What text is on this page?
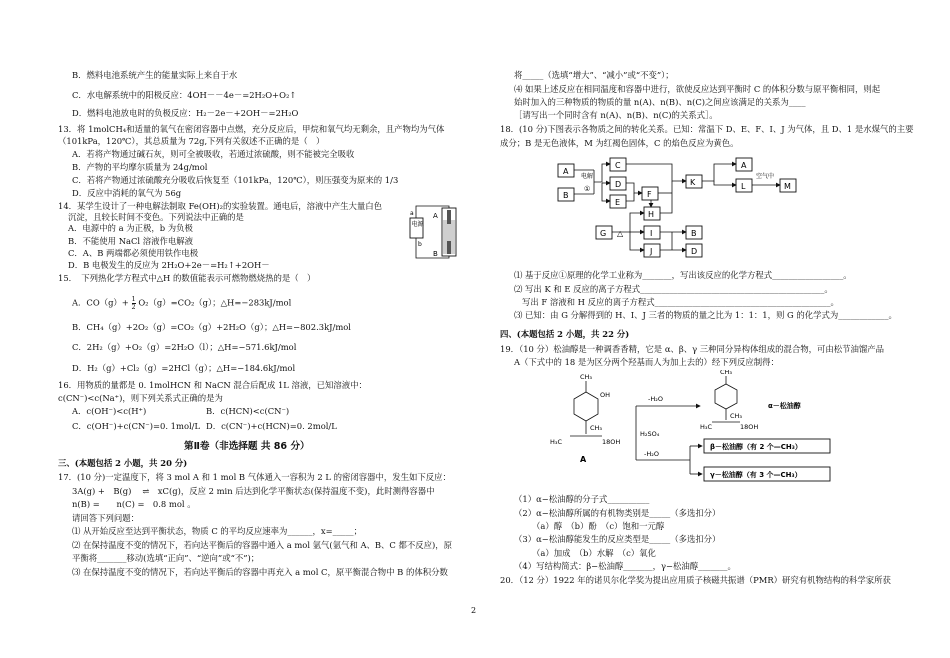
B．燃料电池系统产生的能量实际上来自于水
C．水电解系统中的阳极反应：4OH－－4e－=2H₂O+O₂↑
D．燃料电池放电时的负极反应：H₂－2e－+2OH－=2H₂O
13．将 1molCH₄和适量的氧气在密闭容器中点燃，充分反应后，甲烷和氧气均无剩余，且产物均为气体
（101kPa，120℃），其总质量为 72g,下列有关叙述不正确的是（　）
A．若将产物通过碱石灰，则可全被吸收，若通过浓硫酸，则不能被完全吸收
B．产物的平均摩尔质量为 24g/mol
C．若将产物通过浓硫酸充分吸收后恢复至（101kPa，120℃），则压强变为原来的 1/3
D．反应中消耗的氧气为 56g
14．某学生设计了一种电解法制取 Fe(OH)₂的实验装置。通电后，溶液中产生大量白色
沉淀，且较长时间不变色。下列说法中正确的是
A．电源中的 a 为正极，b 为负极
B．不能使用 NaCl 溶液作电解液
C．A、B 两端都必须使用铁作电极
D．B 电极发生的反应为 2H₂O+2e－=H₂↑+2OH－
电源
a
b
A
B
15．　下列热化学方程式中△H 的数值能表示可燃物燃烧热的是（　）
A．$CO(g)+ \frac{1}{2} O_2(g)=CO_2(g)$；△H=−283kJ/mol
B．CH₄（g）+2O₂（g）=CO₂（g）+2H₂O（g）；△H=−802.3kJ/mol
C．2H₂（g）+O₂（g）=2H₂O（l）；△H=−571.6kJ/mol
D．H₂（g）+Cl₂（g）=2HCl（g）；△H=−184.6kJ/mol
16．用物质的量都是 0. 1molHCN 和 NaCN 混合后配成 1L 溶液，已知溶液中：
c(CN⁻)<c(Na⁺)，则下列关系式正确的是为
A．c(OH⁻)<c(H⁺)	B．c(HCN)<c(CN⁻)
C．c(OH⁻)+c(CN⁻)=0. 1mol/L D．c(CN⁻)+c(HCN)=0. 2mol/L
第Ⅱ卷（非选择题 共 86 分）
三、(本题包括 2 小题，共 20 分)
17．(10 分)一定温度下，将 3 mol A 和 1 mol B 气体通入一容积为 2 L 的密闭容器中，发生如下反应：
3A(g) +　B(g) 　⇌　xC(g)，反应 2 min 后达到化学平衡状态(保持温度不变)，此时测得容器中
n(B) =　　n(C) =　0.8 mol 。
请回答下列问题：
⑴ 从开始反应至达到平衡状态，物质 C 的平均反应速率为______，x=_____；
⑵ 在保持温度不变的情况下，若向达平衡后的容器中通入 a mol 氩气(氩气和 A、B、C 都不反应)，原
平衡将_______移动(选填“正向”、“逆向”或“不”)；
⑶ 在保持温度不变的情况下，若向达平衡后的容器中再充入 a mol C，原平衡混合物中 B 的体积分数
将_____（选填“增大”、“减小”或“不变”）；
⑷ 如果上述反应在相同温度和容器中进行，欲使反应达到平衡时 C 的体积分数与原平衡相同，则起
始时加入的三种物质的物质的量 n(A)、n(B)、n(C)之间应该满足的关系为____
［请写出一个同时含有 n(A)、n(B)、n(C)的关系式］。
18．(10 分)下图表示各物质之间的转化关系。已知：常温下 D、E、F、I、J 为气体，且 D、1 是水煤气的主要
成分；B 是无色液体，M 为红褐色固体，C 的焰色反应为黄色。
A
B
C
D
E
F
H
G	I
J
K
B
D
A
L	M
电解
①
△
空气中
⑴ 基于反应①原理的化学工业称为_______，写出该反应的化学方程式_________________。
⑵ 写出 K 和 E 反应的离子方程式____________________________________________。
写出 F 溶液和 H 反应的离子方程式__________________________________________。
⑶ 已知：由 G 分解得到的 H、I、J 三者的物质的量之比为 1：1：1，则 G 的化学式为____________。
四、(本题包括 2 小题，共 22 分)
19．（10 分）松油醇是一种调香香精，它是 α、β、γ 三种同分异构体组成的混合物，可由松节油馏产品
A（下式中的 18 是为区分两个羟基而人为加上去的）经下列反应制得：
CH₃
OH
CH₃
H₃C	18OH
A
-H₂O
H₂SO₄
-H₂O
CH₃
H₃C
CH₃
18OH
α－松油醇
β－松油醇（有 2 个—CH₃）
γ－松油醇（有 3 个—CH₃）
（1）α−松油醇的分子式__________
（2）α−松油醇所属的有机物类别是_____（多选扣分）
（a）醇　（b）酚　（c）饱和一元醇
（3）α−松油醇能发生的反应类型是_____（多选扣分）
（a）加成　（b）水解　（c）氧化
（4）写结构简式：β−松油醇_______，γ−松油醇_______。
20．（12 分）1922 年的诺贝尔化学奖为提出应用质子核磁共振谱（PMR）研究有机物结构的科学家所获
2
